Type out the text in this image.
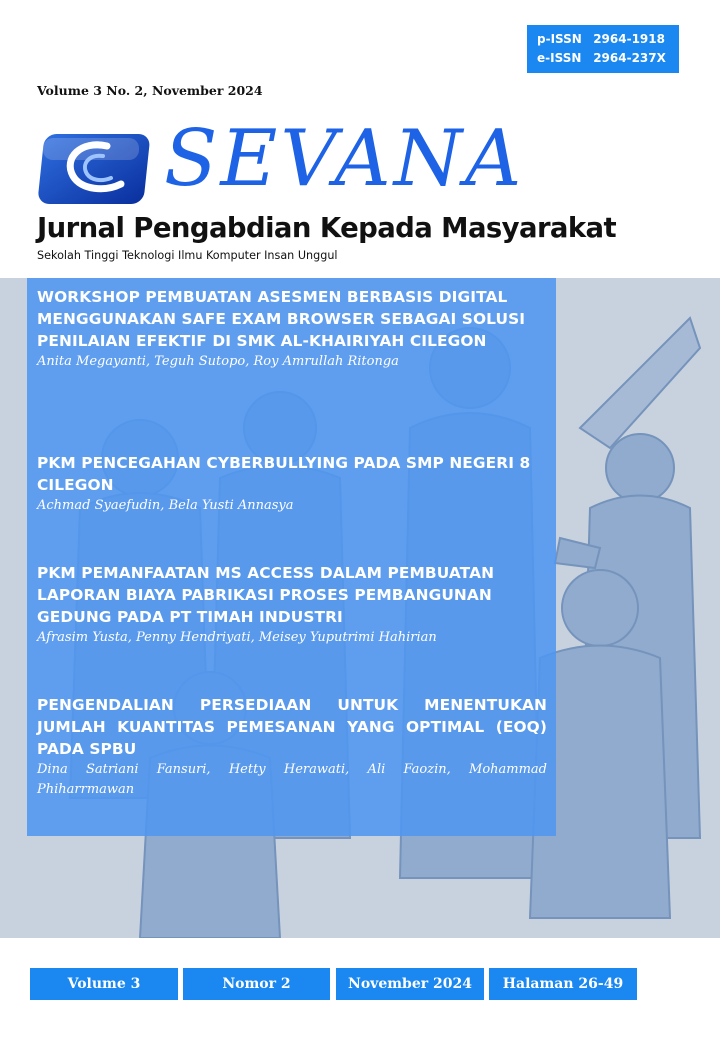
p-ISSN 2964-1918
e-ISSN 2964-237X
Volume 3 No. 2, November 2024
SEVANA
Jurnal Pengabdian Kepada Masyarakat
Sekolah Tinggi Teknologi Ilmu Komputer Insan Unggul
WORKSHOP PEMBUATAN ASESMEN BERBASIS DIGITAL MENGGUNAKAN SAFE EXAM BROWSER SEBAGAI SOLUSI PENILAIAN EFEKTIF DI SMK AL-KHAIRIYAH CILEGON
Anita Megayanti, Teguh Sutopo, Roy Amrullah Ritonga
PKM PENCEGAHAN CYBERBULLYING PADA SMP NEGERI 8 CILEGON
Achmad Syaefudin, Bela Yusti Annasya
PKM PEMANFAATAN MS ACCESS DALAM PEMBUATAN LAPORAN BIAYA PABRIKASI PROSES PEMBANGUNAN GEDUNG PADA PT TIMAH INDUSTRI
Afrasim Yusta, Penny Hendriyati, Meisey Yuputrimi Hahirian
PENGENDALIAN PERSEDIAAN UNTUK MENENTUKAN JUMLAH KUANTITAS PEMESANAN YANG OPTIMAL (EOQ) PADA SPBU
Dina Satriani Fansuri, Hetty Herawati, Ali Faozin, Mohammad Phiharrmawan
Volume 3	Nomor 2	November 2024	Halaman 26-49
